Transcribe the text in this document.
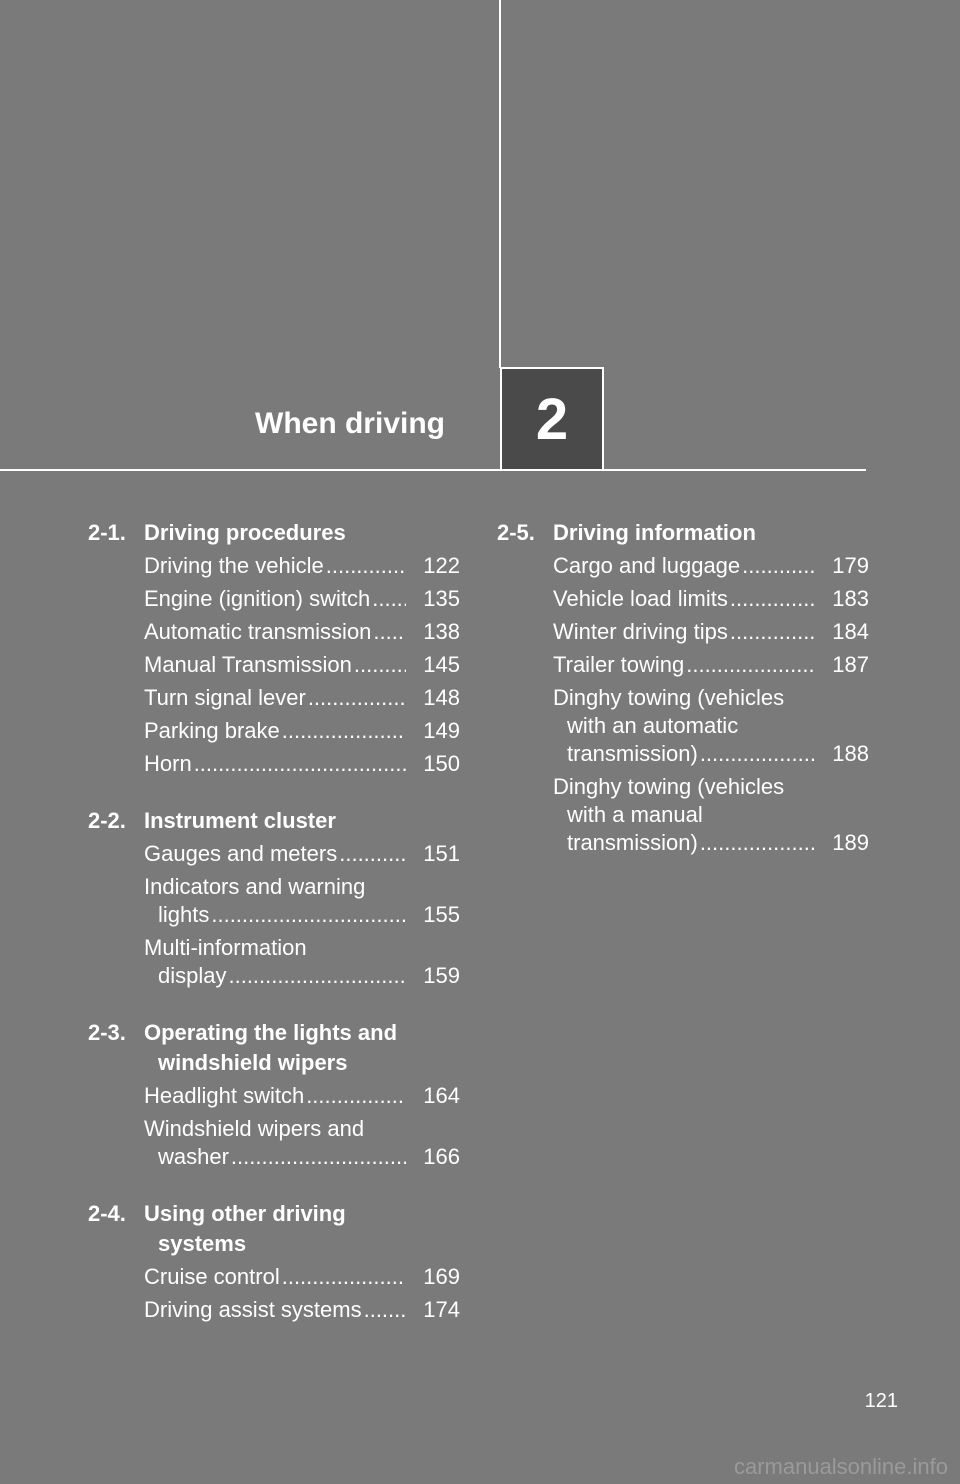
When driving	2
2-1. Driving procedures
Driving the vehicle .....	122
Engine (ignition) switch .....	135
Automatic transmission .....	138
Manual Transmission .....	145
Turn signal lever .....	148
Parking brake .....	149
Horn .....	150
2-2. Instrument cluster
Gauges and meters .....	151
Indicators and warning
lights .....	155
Multi-information
display .....	159
2-3. Operating the lights and
windshield wipers
Headlight switch .....	164
Windshield wipers and
washer .....	166
2-4. Using other driving
systems
Cruise control .....	169
Driving assist systems .....	174
2-5. Driving information
Cargo and luggage .....	179
Vehicle load limits .....	183
Winter driving tips .....	184
Trailer towing .....	187
Dinghy towing (vehicles
with an automatic
transmission) .....	188
Dinghy towing (vehicles
with a manual
transmission) .....	189
121
carmanualsonline.info
